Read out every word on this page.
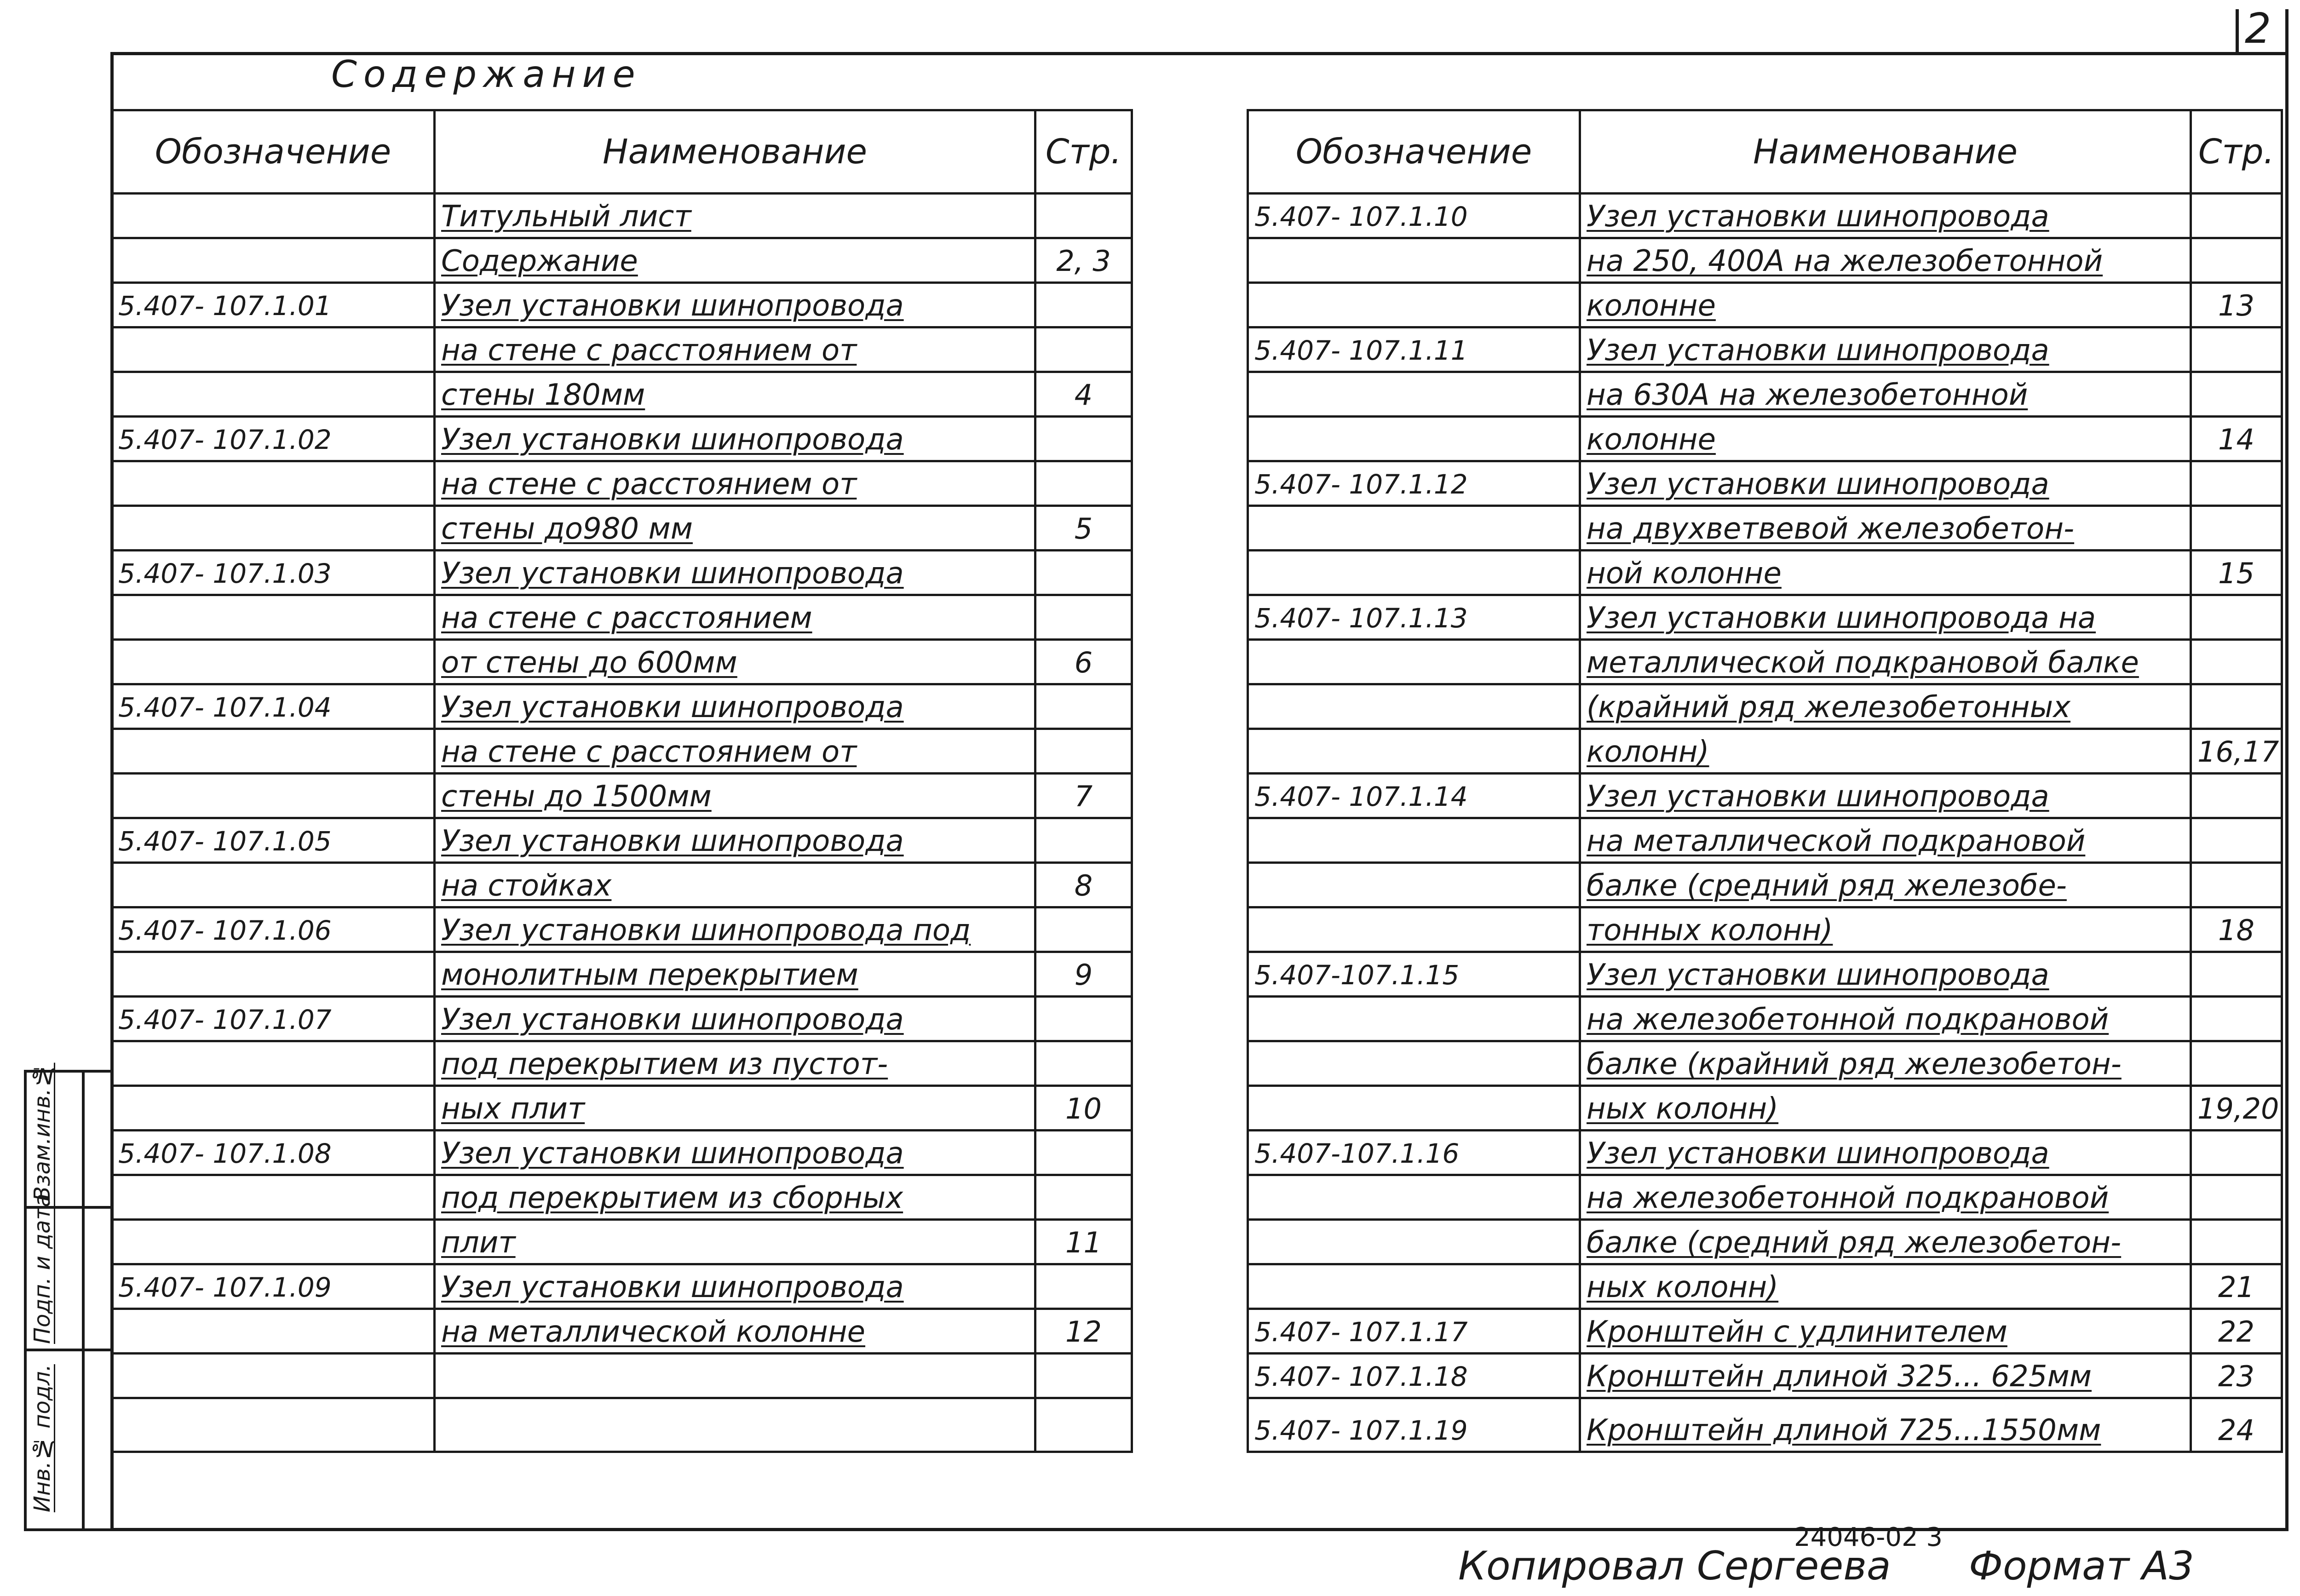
2
Содержание
Обозначение	Наименование	Стр.
	Титульный лист	
	Содержание	2, 3
5.407- 107.1.01	Узел установки шинопровода	
	на стене с расстоянием от	
	стены 180мм	4
5.407- 107.1.02	Узел установки шинопровода	
	на стене с расстоянием от	
	стены до980 мм	5
5.407- 107.1.03	Узел установки шинопровода	
	на стене с расстоянием	
	от стены до 600мм	6
5.407- 107.1.04	Узел установки шинопровода	
	на стене с расстоянием от	
	стены до 1500мм	7
5.407- 107.1.05	Узел установки шинопровода	
	на стойках	8
5.407- 107.1.06	Узел установки шинопровода под	
	монолитным перекрытием	9
5.407- 107.1.07	Узел установки шинопровода	
	под перекрытием из пустот-	
	ных плит	10
5.407- 107.1.08	Узел установки шинопровода	
	под перекрытием из сборных	
	плит	11
5.407- 107.1.09	Узел установки шинопровода	
	на металлической колонне	12

Обозначение	Наименование	Стр.
5.407- 107.1.10	Узел установки шинопровода	
	на 250, 400А на железобетонной	
	колонне	13
5.407- 107.1.11	Узел установки шинопровода	
	на 630А на железобетонной	
	колонне	14
5.407- 107.1.12	Узел установки шинопровода	
	на двухветвевой железобетон-	
	ной колонне	15
5.407- 107.1.13	Узел установки шинопровода на	
	металлической подкрановой балке	
	(крайний ряд железобетонных	
	колонн)	16,17
5.407- 107.1.14	Узел установки шинопровода	
	на металлической подкрановой	
	балке (средний ряд железобе-	
	тонных колонн)	18
5.407-107.1.15	Узел установки шинопровода	
	на железобетонной подкрановой	
	балке (крайний ряд железобетон-	
	ных колонн)	19,20
5.407-107.1.16	Узел установки шинопровода	
	на железобетонной подкрановой	
	балке (средний ряд железобетон-	
	ных колонн)	21
5.407- 107.1.17	Кронштейн с удлинителем	22
5.407- 107.1.18	Кронштейн длиной 325... 625мм	23
5.407- 107.1.19	Кронштейн длиной 725...1550мм	24
Взам.инв.№
Подп. и дата
Инв.№ подл.
24046-02 3
Копировал Сергеева Формат А3
